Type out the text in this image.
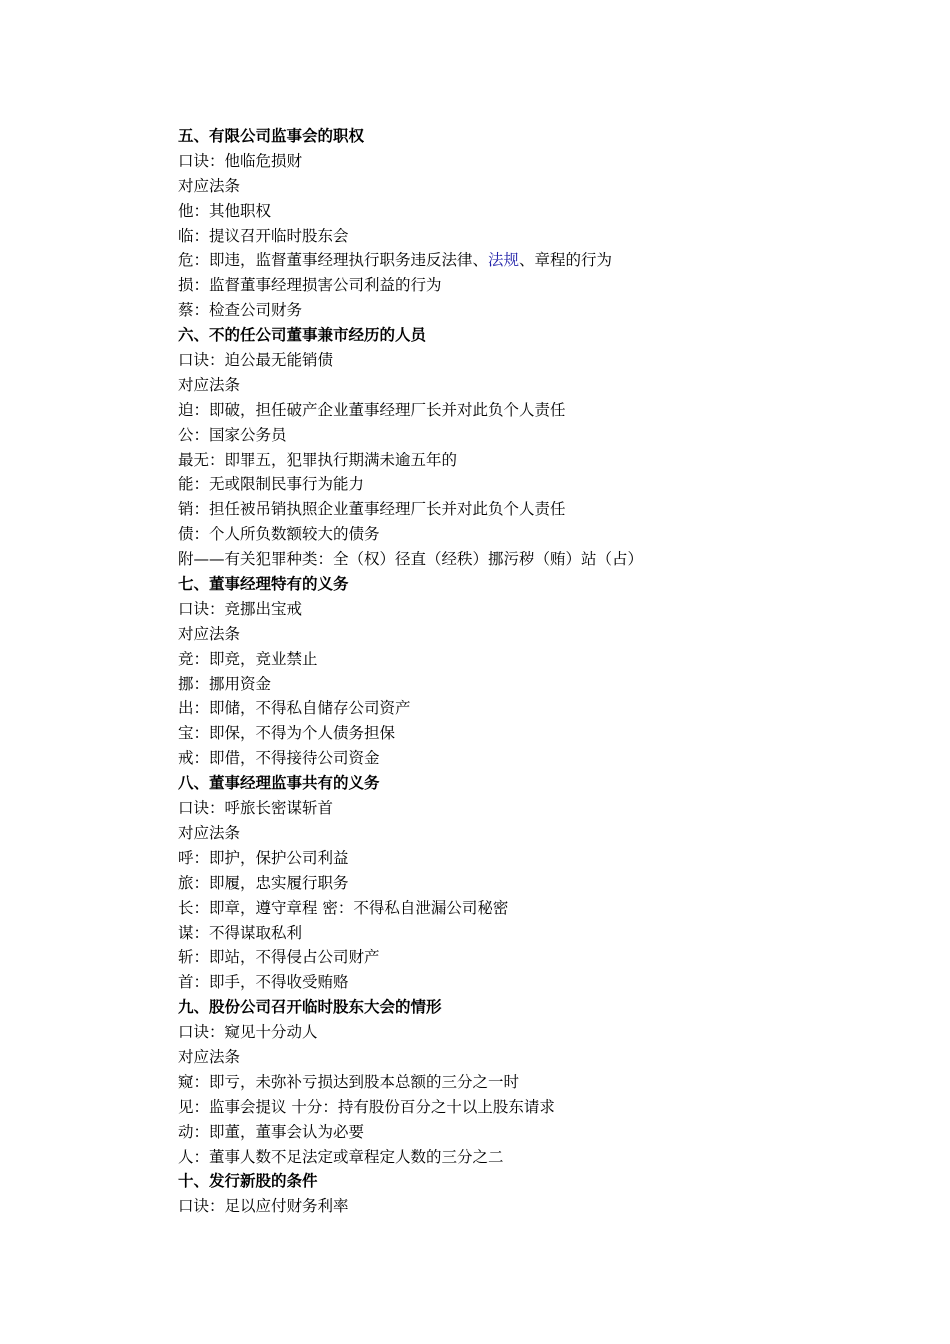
五、有限公司监事会的职权
口诀：他临危损财
对应法条
他：其他职权
临：提议召开临时股东会
危：即违，监督董事经理执行职务违反法律、法规、章程的行为
损：监督董事经理损害公司利益的行为
蔡：检查公司财务
六、不的任公司董事兼市经历的人员
口诀：迫公最无能销债
对应法条
迫：即破，担任破产企业董事经理厂长并对此负个人责任
公：国家公务员
最无：即罪五，犯罪执行期满未逾五年的
能：无或限制民事行为能力
销：担任被吊销执照企业董事经理厂长并对此负个人责任
债：个人所负数额较大的债务
附——有关犯罪种类：全（权）径直（经秩）挪污秽（贿）站（占）
七、董事经理特有的义务
口诀：竞挪出宝戒
对应法条
竞：即竞，竞业禁止
挪：挪用资金
出：即储，不得私自储存公司资产
宝：即保，不得为个人债务担保
戒：即借，不得接待公司资金
八、董事经理监事共有的义务
口诀：呼旅长密谋斩首
对应法条
呼：即护，保护公司利益
旅：即履，忠实履行职务
长：即章，遵守章程 密：不得私自泄漏公司秘密
谋：不得谋取私利
斩：即站，不得侵占公司财产
首：即手，不得收受贿赂
九、股份公司召开临时股东大会的情形
口诀：窥见十分动人
对应法条
窥：即亏，未弥补亏损达到股本总额的三分之一时
见：监事会提议 十分：持有股份百分之十以上股东请求
动：即董，董事会认为必要
人：董事人数不足法定或章程定人数的三分之二
十、发行新股的条件
口诀：足以应付财务利率
